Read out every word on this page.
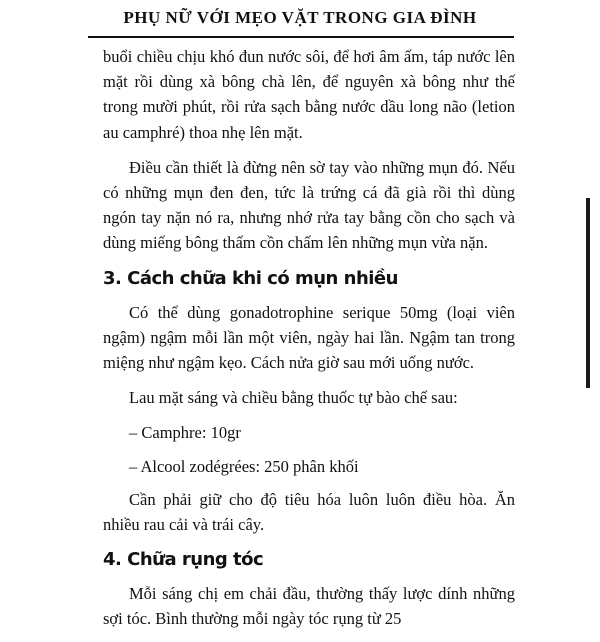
PHỤ NỮ VỚI MẸO VẶT TRONG GIA ĐÌNH

buổi chiều chịu khó đun nước sôi, để hơi âm ấm, táp nước lên mặt rồi dùng xà bông chà lên, để nguyên xà bông như thế trong mười phút, rồi rửa sạch bằng nước dầu long não (letion au camphré) thoa nhẹ lên mặt.

Điều cần thiết là đừng nên sờ tay vào những mụn đó. Nếu có những mụn đen đen, tức là trứng cá đã già rồi thì dùng ngón tay nặn nó ra, nhưng nhớ rửa tay bằng cồn cho sạch và dùng miếng bông thấm cồn chấm lên những mụn vừa nặn.

3. Cách chữa khi có mụn nhiều

Có thể dùng gonadotrophine serique 50mg (loại viên ngậm) ngậm mỗi lần một viên, ngày hai lần. Ngậm tan trong miệng như ngậm kẹo. Cách nửa giờ sau mới uống nước.

Lau mặt sáng và chiều bằng thuốc tự bào chế sau:

– Camphre: 10gr

– Alcool zodégrées: 250 phân khối

Cần phải giữ cho độ tiêu hóa luôn luôn điều hòa. Ăn nhiều rau cải và trái cây.

4. Chữa rụng tóc

Mỗi sáng chị em chải đầu, thường thấy lược dính những sợi tóc. Bình thường mỗi ngày tóc rụng từ 25
